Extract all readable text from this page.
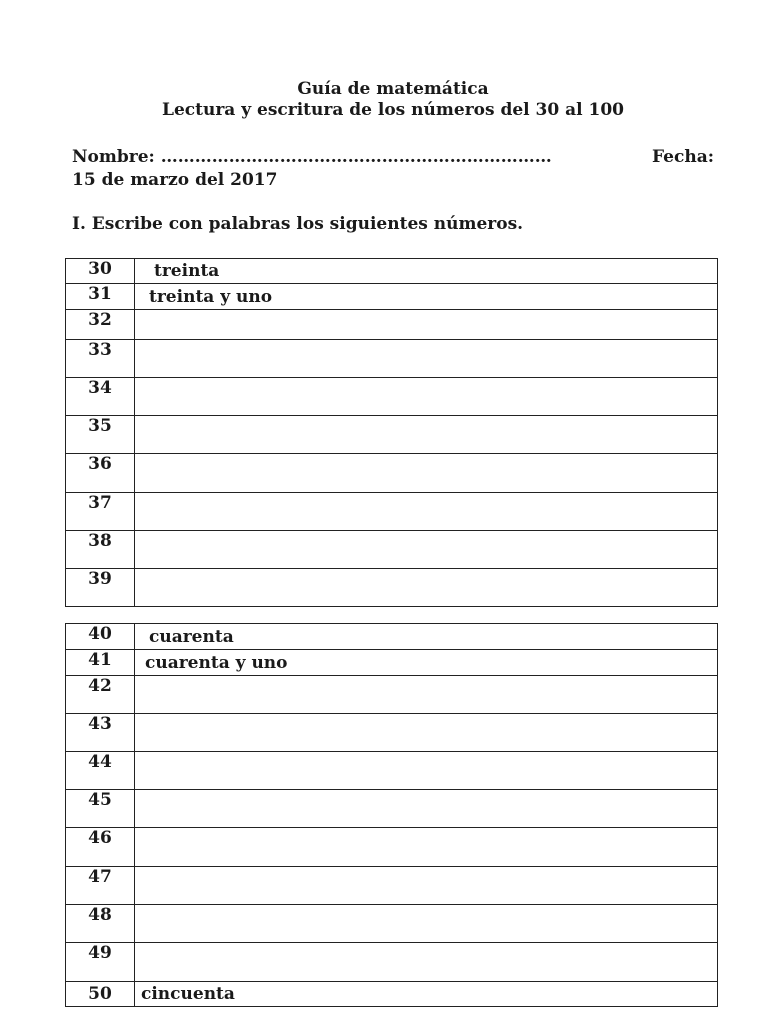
Guía de matemática
Lectura y escritura de los números del 30 al 100
Nombre: ……………………………………………………………	Fecha:
15 de marzo del 2017
I. Escribe con palabras los siguientes números.
30	treinta
31	treinta y uno
32	
33	
34	
35	
36	
37	
38	
39	
40	cuarenta
41	cuarenta y uno
42	
43	
44	
45	
46	
47	
48	
49	
50	cincuenta
